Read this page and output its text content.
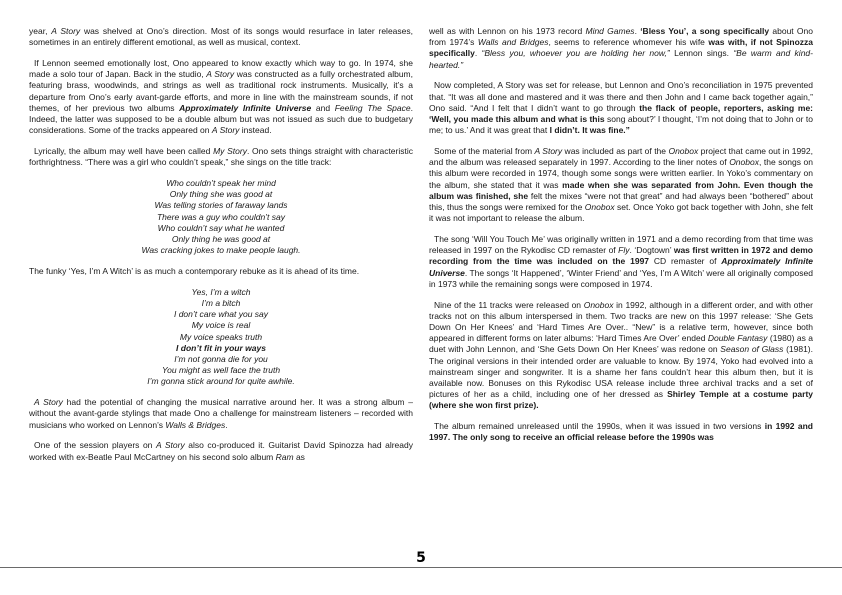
year, A Story was shelved at Ono’s direction. Most of its songs would resurface in later releases, sometimes in an entirely different emotional, as well as musical, context.

If Lennon seemed emotionally lost, Ono appeared to know exactly which way to go. In 1974, she made a solo tour of Japan. Back in the studio, A Story was constructed as a fully orchestrated album, featuring brass, woodwinds, and strings as well as traditional rock instruments. Musically, it’s a departure from Ono’s early avant-garde efforts, and more in line with the mainstream sounds, if not themes, of her previous two albums Approximately Infinite Universe and Feeling The Space. Indeed, the latter was supposed to be a double album but was not issued as such due to budgetary considerations. Some of the tracks appeared on A Story instead.

Lyrically, the album may well have been called My Story. Ono sets things straight with characteristic forthrightness. “There was a girl who couldn’t speak,” she sings on the title track:

Who couldn’t speak her mind
Only thing she was good at
Was telling stories of faraway lands
There was a guy who couldn’t say
Who couldn’t say what he wanted
Only thing he was good at
Was cracking jokes to make people laugh.

The funky ‘Yes, I’m A Witch’ is as much a contemporary rebuke as it is ahead of its time.

Yes, I’m a witch
I’m a bitch
I don’t care what you say
My voice is real
My voice speaks truth
I don’t fit in your ways
I’m not gonna die for you
You might as well face the truth
I’m gonna stick around for quite awhile.

A Story had the potential of changing the musical narrative around her. It was a strong album – without the avant-garde stylings that made Ono a challenge for mainstream listeners – recorded with musicians who worked on Lennon’s Walls & Bridges.

One of the session players on A Story also co-produced it. Guitarist David Spinozza had already worked with ex-Beatle Paul McCartney on his second solo album Ram as

well as with Lennon on his 1973 record Mind Games. ‘Bless You’, a song specifically about Ono from 1974’s Walls and Bridges, seems to reference whomever his wife was with, if not Spinozza specifically. “Bless you, whoever you are holding her now,” Lennon sings. “Be warm and kind-hearted.”

Now completed, A Story was set for release, but Lennon and Ono’s reconciliation in 1975 prevented that. “It was all done and mastered and it was there and then John and I came back together again,” Ono said. “And I felt that I didn’t want to go through the flack of people, reporters, asking me: ‘Well, you made this album and what is this song about?’ I thought, ‘I’m not doing that to John or to me; to us.’ And it was great that I didn’t. It was fine.”

Some of the material from A Story was included as part of the Onobox project that came out in 1992, and the album was released separately in 1997. According to the liner notes of Onobox, the songs on this album were recorded in 1974, though some songs were written earlier. In Yoko’s commentary on the album, she stated that it was made when she was separated from John. Even though the album was finished, she felt the mixes “were not that great” and had always been “bothered” about this, thus the songs were remixed for the Onobox set. Once Yoko got back together with John, she felt it was not important to release the album.

The song ‘Will You Touch Me’ was originally written in 1971 and a demo recording from that time was released in 1997 on the Rykodisc CD remaster of Fly. ‘Dogtown’ was first written in 1972 and demo recording from the time was included on the 1997 CD remaster of Approximately Infinite Universe. The songs ‘It Happened’, ‘Winter Friend’ and ‘Yes, I’m A Witch’ were all originally composed in 1973 while the remaining songs were composed in 1974.

Nine of the 11 tracks were released on Onobox in 1992, although in a different order, and with other tracks not on this album interspersed in them. Two tracks are new on this 1997 release: ‘She Gets Down On Her Knees’ and ‘Hard Times Are Over.. “New” is a relative term, however, since both appeared in different forms on later albums: ‘Hard Times Are Over’ ended Double Fantasy (1980) as a duet with John Lennon, and ‘She Gets Down On Her Knees’ was redone on Season of Glass (1981). The original versions in their intended order are valuable to know. By 1974, Yoko had evolved into a mainstream singer and songwriter. It is a shame her fans couldn’t hear this album then, but it is available now. Bonuses on this Rykodisc USA release include three archival tracks and a set of pictures of her as a child, including one of her dressed as Shirley Temple at a costume party (where she won first prize).

The album remained unreleased until the 1990s, when it was issued in two versions in 1992 and 1997. The only song to receive an official release before the 1990s was

5
